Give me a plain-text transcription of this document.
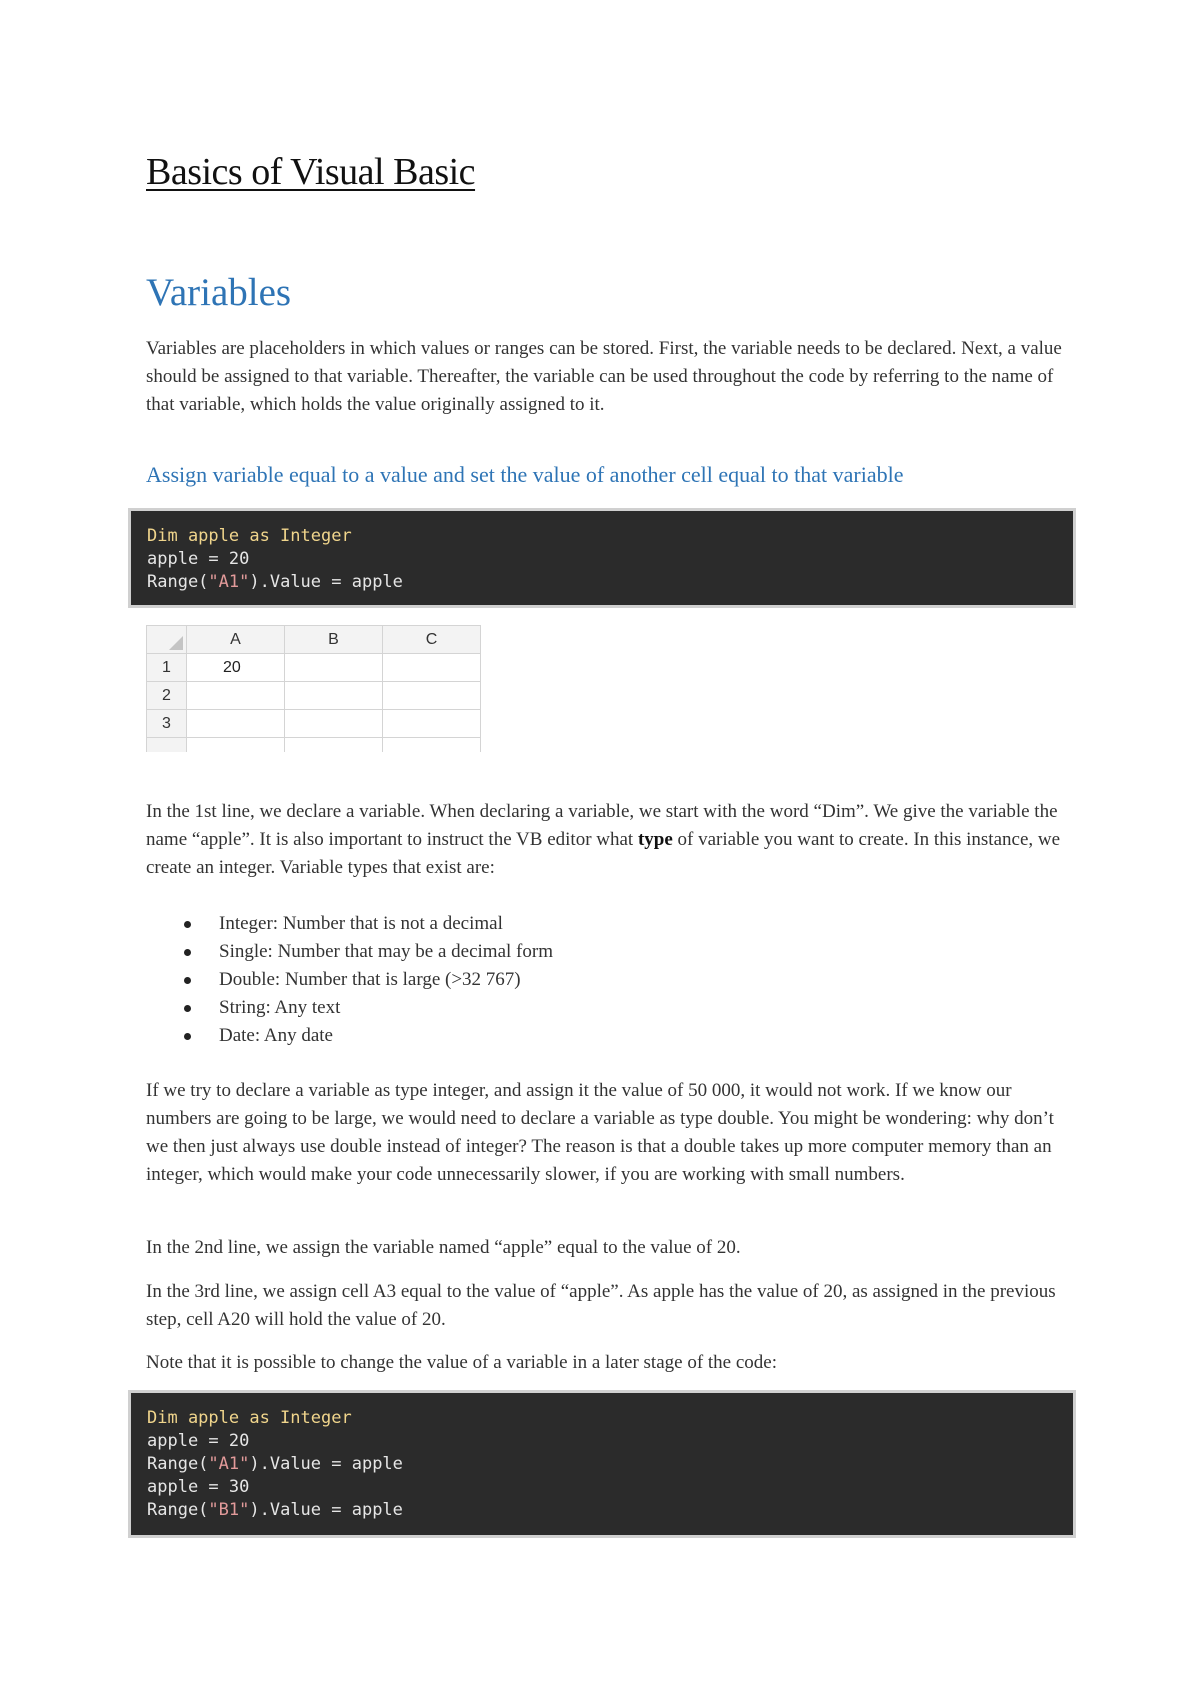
Basics of Visual Basic
Variables

Variables are placeholders in which values or ranges can be stored. First, the variable needs to be declared. Next, a value should be assigned to that variable. Thereafter, the variable can be used throughout the code by referring to the name of that variable, which holds the value originally assigned to it.

Assign variable equal to a value and set the value of another cell equal to that variable
Dim apple as Integer
apple = 20
Range("A1").Value = apple
	A	B	C
1	20		
2			
3			

In the 1st line, we declare a variable. When declaring a variable, we start with the word “Dim”. We give the variable the name “apple”. It is also important to instruct the VB editor what type of variable you want to create. In this instance, we create an integer. Variable types that exist are:

Integer: Number that is not a decimal
Single: Number that may be a decimal form
Double: Number that is large (>32 767)
String: Any text
Date: Any date

If we try to declare a variable as type integer, and assign it the value of 50 000, it would not work. If we know our numbers are going to be large, we would need to declare a variable as type double. You might be wondering: why don’t we then just always use double instead of integer? The reason is that a double takes up more computer memory than an integer, which would make your code unnecessarily slower, if you are working with small numbers.

In the 2nd line, we assign the variable named “apple” equal to the value of 20.

In the 3rd line, we assign cell A3 equal to the value of “apple”. As apple has the value of 20, as assigned in the previous step, cell A20 will hold the value of 20.

Note that it is possible to change the value of a variable in a later stage of the code:

Dim apple as Integer
apple = 20
Range("A1").Value = apple
apple = 30
Range("B1").Value = apple
